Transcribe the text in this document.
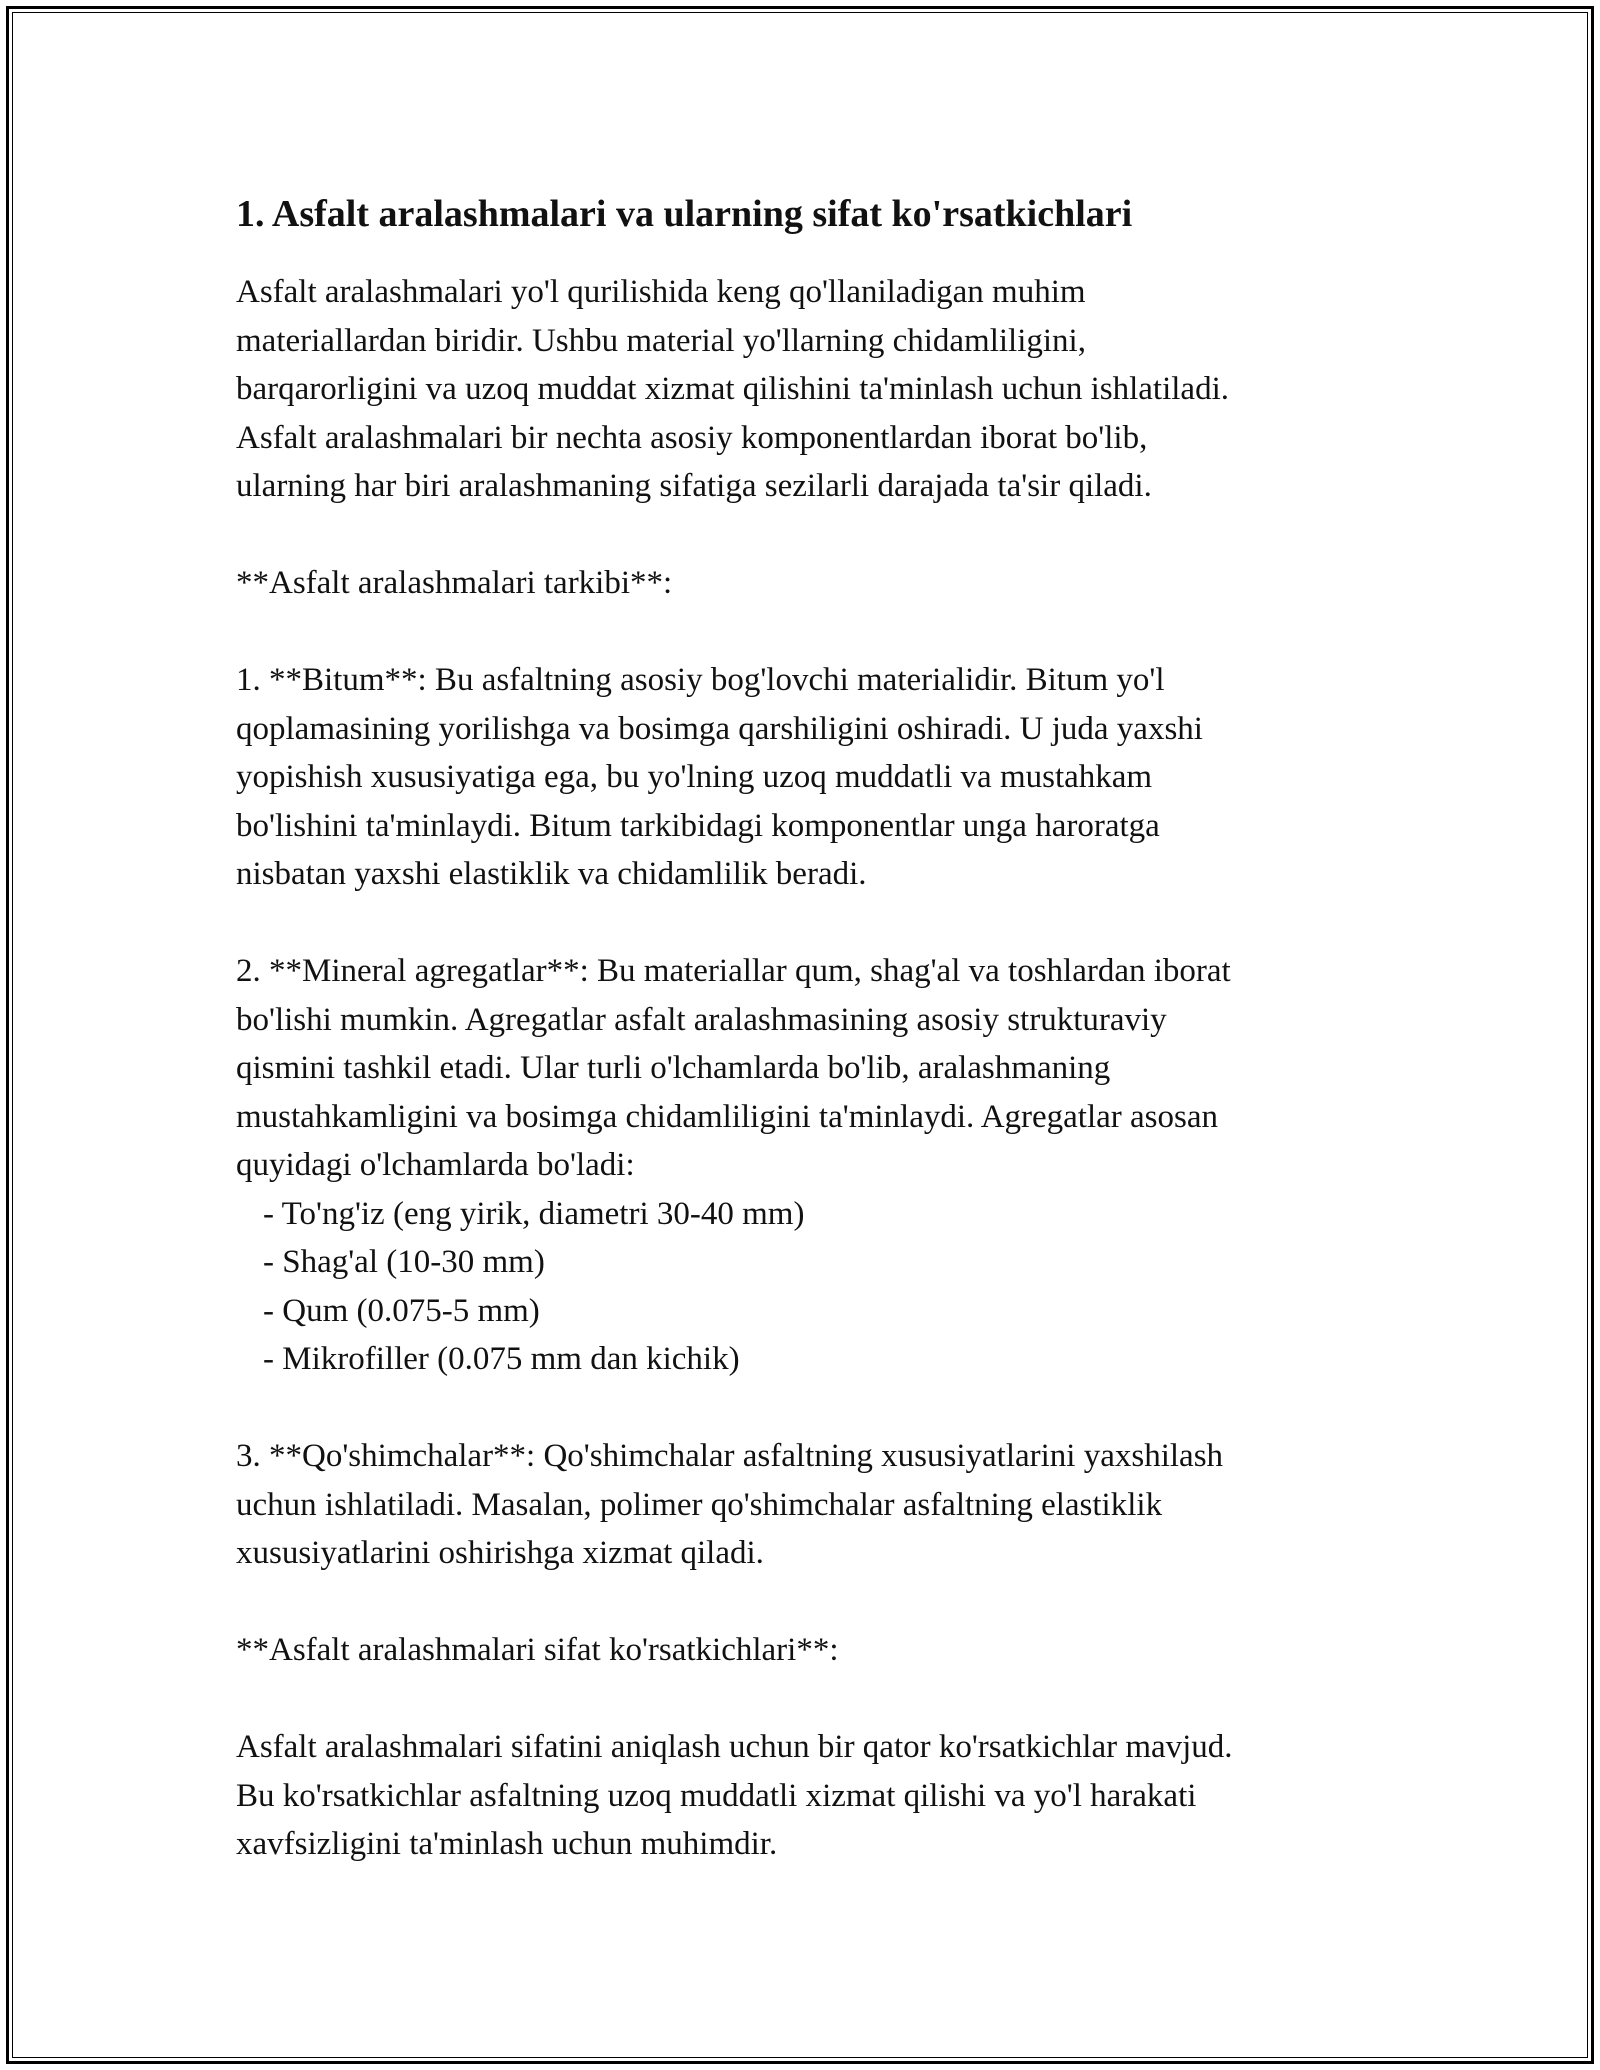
1. Asfalt aralashmalari va ularning sifat ko'rsatkichlari

Asfalt aralashmalari yo'l qurilishida keng qo'llaniladigan muhim

materiallardan biridir. Ushbu material yo'llarning chidamliligini,

barqarorligini va uzoq muddat xizmat qilishini ta'minlash uchun ishlatiladi.

Asfalt aralashmalari bir nechta asosiy komponentlardan iborat bo'lib,

ularning har biri aralashmaning sifatiga sezilarli darajada ta'sir qiladi.

**Asfalt aralashmalari tarkibi**:

1. **Bitum**: Bu asfaltning asosiy bog'lovchi materialidir. Bitum yo'l

qoplamasining yorilishga va bosimga qarshiligini oshiradi. U juda yaxshi

yopishish xususiyatiga ega, bu yo'lning uzoq muddatli va mustahkam

bo'lishini ta'minlaydi. Bitum tarkibidagi komponentlar unga haroratga

nisbatan yaxshi elastiklik va chidamlilik beradi.

2. **Mineral agregatlar**: Bu materiallar qum, shag'al va toshlardan iborat

bo'lishi mumkin. Agregatlar asfalt aralashmasining asosiy strukturaviy

qismini tashkil etadi. Ular turli o'lchamlarda bo'lib, aralashmaning

mustahkamligini va bosimga chidamliligini ta'minlaydi. Agregatlar asosan

quyidagi o'lchamlarda bo'ladi:

- To'ng'iz (eng yirik, diametri 30-40 mm)

- Shag'al (10-30 mm)

- Qum (0.075-5 mm)

- Mikrofiller (0.075 mm dan kichik)

3. **Qo'shimchalar**: Qo'shimchalar asfaltning xususiyatlarini yaxshilash

uchun ishlatiladi. Masalan, polimer qo'shimchalar asfaltning elastiklik

xususiyatlarini oshirishga xizmat qiladi.

**Asfalt aralashmalari sifat ko'rsatkichlari**:

Asfalt aralashmalari sifatini aniqlash uchun bir qator ko'rsatkichlar mavjud.

Bu ko'rsatkichlar asfaltning uzoq muddatli xizmat qilishi va yo'l harakati

xavfsizligini ta'minlash uchun muhimdir.
